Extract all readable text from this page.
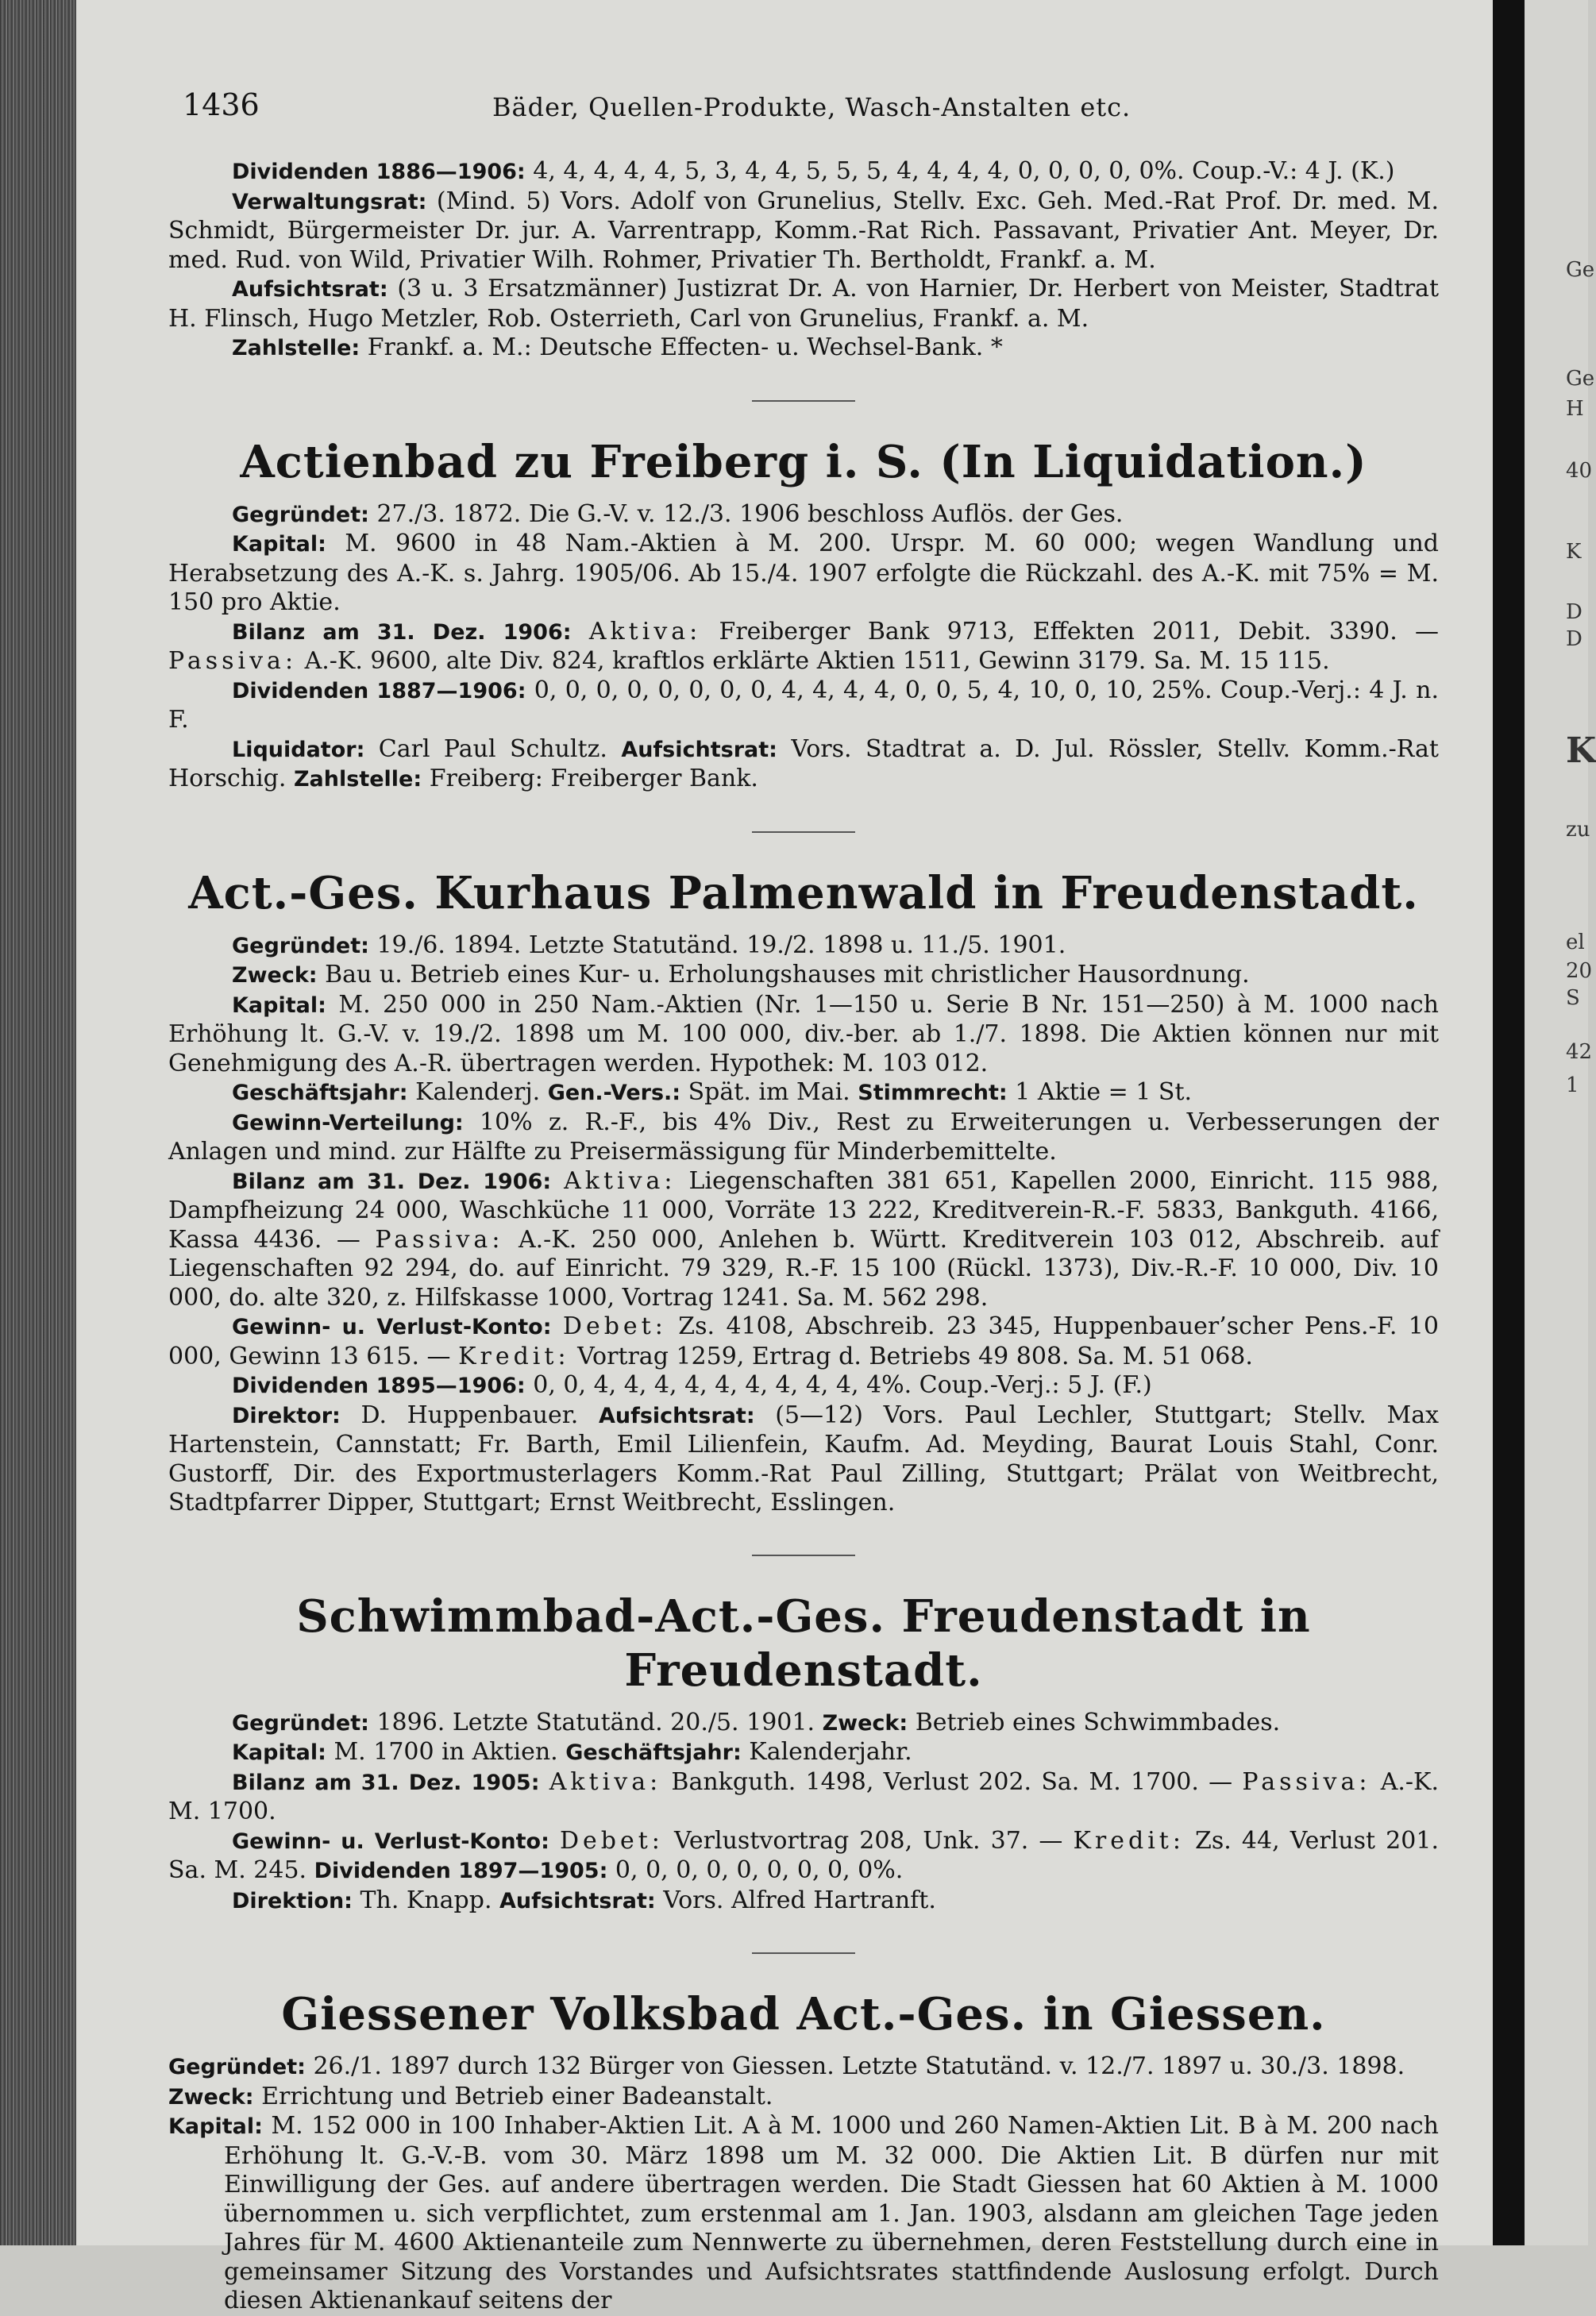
Ge
Ge
H
40
K
D
D
K
zu
el
20
S
42
1
1436	Bäder, Quellen-Produkte, Wasch-Anstalten etc.

Dividenden 1886—1906: 4, 4, 4, 4, 4, 5, 3, 4, 4, 5, 5, 5, 4, 4, 4, 4, 0, 0, 0, 0, 0%. Coup.-V.: 4 J. (K.)

Verwaltungsrat: (Mind. 5) Vors. Adolf von Grunelius, Stellv. Exc. Geh. Med.-Rat Prof. Dr. med. M. Schmidt, Bürgermeister Dr. jur. A. Varrentrapp, Komm.-Rat Rich. Passavant, Privatier Ant. Meyer, Dr. med. Rud. von Wild, Privatier Wilh. Rohmer, Privatier Th. Bertholdt, Frankf. a. M.

Aufsichtsrat: (3 u. 3 Ersatzmänner) Justizrat Dr. A. von Harnier, Dr. Herbert von Meister, Stadtrat H. Flinsch, Hugo Metzler, Rob. Osterrieth, Carl von Grunelius, Frankf. a. M.

Zahlstelle: Frankf. a. M.: Deutsche Effecten- u. Wechsel-Bank. *

Actienbad zu Freiberg i. S. (In Liquidation.)

Gegründet: 27./3. 1872. Die G.-V. v. 12./3. 1906 beschloss Auflös. der Ges.

Kapital: M. 9600 in 48 Nam.-Aktien à M. 200. Urspr. M. 60 000; wegen Wandlung und Herabsetzung des A.-K. s. Jahrg. 1905/06. Ab 15./4. 1907 erfolgte die Rückzahl. des A.-K. mit 75% = M. 150 pro Aktie.

Bilanz am 31. Dez. 1906: Aktiva: Freiberger Bank 9713, Effekten 2011, Debit. 3390. — Passiva: A.-K. 9600, alte Div. 824, kraftlos erklärte Aktien 1511, Gewinn 3179. Sa. M. 15 115.

Dividenden 1887—1906: 0, 0, 0, 0, 0, 0, 0, 0, 4, 4, 4, 4, 0, 0, 5, 4, 10, 0, 10, 25%. Coup.-Verj.: 4 J. n. F.

Liquidator: Carl Paul Schultz. Aufsichtsrat: Vors. Stadtrat a. D. Jul. Rössler, Stellv. Komm.-Rat Horschig. Zahlstelle: Freiberg: Freiberger Bank.

Act.-Ges. Kurhaus Palmenwald in Freudenstadt.

Gegründet: 19./6. 1894. Letzte Statutänd. 19./2. 1898 u. 11./5. 1901.

Zweck: Bau u. Betrieb eines Kur- u. Erholungshauses mit christlicher Hausordnung.

Kapital: M. 250 000 in 250 Nam.-Aktien (Nr. 1—150 u. Serie B Nr. 151—250) à M. 1000 nach Erhöhung lt. G.-V. v. 19./2. 1898 um M. 100 000, div.-ber. ab 1./7. 1898. Die Aktien können nur mit Genehmigung des A.-R. übertragen werden. Hypothek: M. 103 012.

Geschäftsjahr: Kalenderj. Gen.-Vers.: Spät. im Mai. Stimmrecht: 1 Aktie = 1 St.

Gewinn-Verteilung: 10% z. R.-F., bis 4% Div., Rest zu Erweiterungen u. Verbesserungen der Anlagen und mind. zur Hälfte zu Preisermässigung für Minderbemittelte.

Bilanz am 31. Dez. 1906: Aktiva: Liegenschaften 381 651, Kapellen 2000, Einricht. 115 988, Dampfheizung 24 000, Waschküche 11 000, Vorräte 13 222, Kreditverein-R.-F. 5833, Bankguth. 4166, Kassa 4436. — Passiva: A.-K. 250 000, Anlehen b. Württ. Kreditverein 103 012, Abschreib. auf Liegenschaften 92 294, do. auf Einricht. 79 329, R.-F. 15 100 (Rückl. 1373), Div.-R.-F. 10 000, Div. 10 000, do. alte 320, z. Hilfskasse 1000, Vortrag 1241. Sa. M. 562 298.

Gewinn- u. Verlust-Konto: Debet: Zs. 4108, Abschreib. 23 345, Huppenbauer’scher Pens.-F. 10 000, Gewinn 13 615. — Kredit: Vortrag 1259, Ertrag d. Betriebs 49 808. Sa. M. 51 068.

Dividenden 1895—1906: 0, 0, 4, 4, 4, 4, 4, 4, 4, 4, 4, 4%. Coup.-Verj.: 5 J. (F.)

Direktor: D. Huppenbauer. Aufsichtsrat: (5—12) Vors. Paul Lechler, Stuttgart; Stellv. Max Hartenstein, Cannstatt; Fr. Barth, Emil Lilienfein, Kaufm. Ad. Meyding, Baurat Louis Stahl, Conr. Gustorff, Dir. des Exportmusterlagers Komm.-Rat Paul Zilling, Stuttgart; Prälat von Weitbrecht, Stadtpfarrer Dipper, Stuttgart; Ernst Weitbrecht, Esslingen.

Schwimmbad-Act.-Ges. Freudenstadt in Freudenstadt.

Gegründet: 1896. Letzte Statutänd. 20./5. 1901. Zweck: Betrieb eines Schwimmbades.

Kapital: M. 1700 in Aktien. Geschäftsjahr: Kalenderjahr.

Bilanz am 31. Dez. 1905: Aktiva: Bankguth. 1498, Verlust 202. Sa. M. 1700. — Passiva: A.-K. M. 1700.

Gewinn- u. Verlust-Konto: Debet: Verlustvortrag 208, Unk. 37. — Kredit: Zs. 44, Verlust 201. Sa. M. 245. Dividenden 1897—1905: 0, 0, 0, 0, 0, 0, 0, 0, 0%.

Direktion: Th. Knapp. Aufsichtsrat: Vors. Alfred Hartranft.

Giessener Volksbad Act.-Ges. in Giessen.

Gegründet: 26./1. 1897 durch 132 Bürger von Giessen. Letzte Statutänd. v. 12./7. 1897 u. 30./3. 1898.

Zweck: Errichtung und Betrieb einer Badeanstalt.

Kapital: M. 152 000 in 100 Inhaber-Aktien Lit. A à M. 1000 und 260 Namen-Aktien Lit. B à M. 200 nach Erhöhung lt. G.-V.-B. vom 30. März 1898 um M. 32 000. Die Aktien Lit. B dürfen nur mit Einwilligung der Ges. auf andere übertragen werden. Die Stadt Giessen hat 60 Aktien à M. 1000 übernommen u. sich verpflichtet, zum erstenmal am 1. Jan. 1903, alsdann am gleichen Tage jeden Jahres für M. 4600 Aktienanteile zum Nennwerte zu übernehmen, deren Feststellung durch eine in gemeinsamer Sitzung des Vorstandes und Aufsichtsrates stattfindende Auslosung erfolgt. Durch diesen Aktienankauf seitens der
